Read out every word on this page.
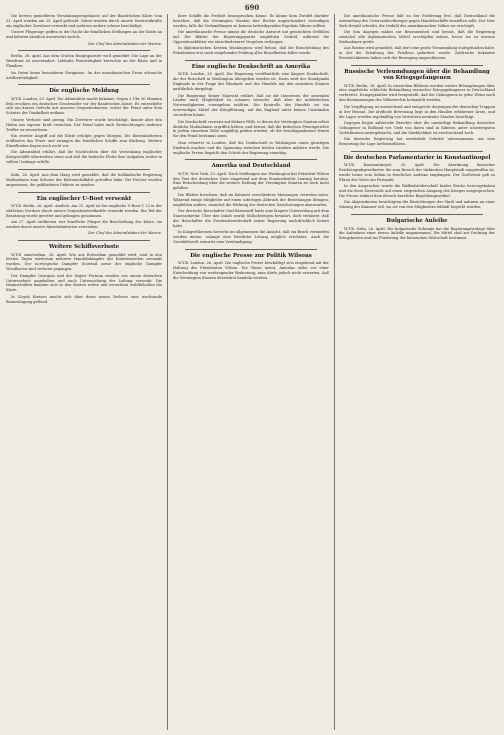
690

Die bereits gemeldeten Versenkungsergebnisse auf der flandrischen Küste vom 21. April wurden am 25. April gelöscht. Dabei wurden durch unsere Seestreitkräfte ein englischer Zerstörer versenkt und mehrere andere schwer beschädigt.

Unsere Flugzeuge griffen in der Nacht die feindlichen Stellungen an der Küste an und kehrten sämtlich unversehrt zurück.

Der Chef des Admiralstabes der Marine.

Berlin, 26. April. Aus dem Großen Hauptquartier wird gemeldet: Die Lage an der Westfront ist unverändert. Lebhafte Feuertätigkeit herrschte an der Küste und in Flandern.

Im Osten keine besonderen Ereignisse. An der mazedonischen Front schwache Artillerietätigkeit.

Die englische Meldung

W.T.B. London, 25. April. Die Admiralität macht bekannt: Gegen 3 Uhr 30 Minuten früh erschien ein deutsches Geschwader vor der flandrischen Küste. Es entwickelte sich ein kurzes Gefecht mit unseren Vorpostenbooten, wobei der Feind unter dem Schutze der Dunkelheit entkam.

Unsere Verluste sind gering. Ein Zerstörer wurde beschädigt, konnte aber den Hafen aus eigener Kraft erreichen. Der Feind hatte nach Beobachtungen mehrere Treffer zu verzeichnen.

Ein zweiter Angriff auf die Küste erfolgte gegen Morgen. Die Küstenbatterien eröffneten das Feuer und zwangen die feindlichen Schiffe zum Rückzug. Weitere Einzelheiten liegen noch nicht vor.

Die Admiralität erklärt, daß die Nachrichten über die Versenkung englischer Kriegsschiffe übertrieben seien und daß die britische Flotte ihre Aufgaben weiter in vollem Umfange erfülle.

Köln, 26. April. Aus dem Haag wird gemeldet, daß die holländische Regierung Maßnahmen zum Schutze der Küstenschiffahrt getroffen habe. Die Fischer wurden angewiesen, die gefährdeten Gebiete zu meiden.

Ein englischer U-Boot versenkt

W.T.B. Berlin, 26. April. Amtlich. Am 25. April ist das englische U-Boot C 22 in der südlichen Nordsee durch unsere Vorpostenstreitkräfte versenkt worden. Ein Teil der Besatzung wurde gerettet und gefangen genommen.

Am 27. April eröffneten vier feindliche Flieger die Beschießung der Küste; sie wurden durch unsere Abwehrbatterien vertrieben.

Der Chef des Admiralstabes der Marine.
Weitere Schiffsverluste

W.T.B. Amsterdam, 26. April. Wie aus Rotterdam gemeldet wird, sind in den letzten Tagen wiederum mehrere Handelsdampfer der Ententemächte versenkt worden. Der norwegische Dampfer Storstad sowie der englische Dampfer Woodhaven sind verloren gegangen.

Der Dampfer Georgian und der Segler Fortuna wurden von einem deutschen Unterseeboot angehalten und nach Untersuchung der Ladung versenkt. Die Mannschaften konnten sich in den Booten retten und erreichten wohlbehalten die Küste.

In Lloyds Kreisen macht sich über diese neuen Verluste eine wachsende Beunruhigung geltend.

ihrer Schiffe die Freiheit beanspruchen könne. Es könne kein Zweifel darüber bestehen, daß die Vereinigten Staaten ihre Rechte ungeschmälert verteidigen werden, falls die Verhandlungen zu keinem befriedigenden Ergebnis führen sollten.

Die amerikanische Presse nimmt die deutsche Antwort mit gemischten Gefühlen auf. Die Blätter der Regierungspartei empfehlen Geduld, während die Oppositionsblätter ein entschiedeneres Vorgehen verlangen.

In diplomatischen Kreisen Washingtons wird betont, daß die Entscheidung des Präsidenten erst nach eingehender Prüfung aller Einzelheiten fallen werde.

Eine englische Denkschrift an Amerika

W.T.B. London, 25. April. Die Regierung veröffentlicht eine längere Denkschrift, die der Botschaft in Washington übergeben worden ist. Darin wird der Standpunkt Englands in der Frage der Blockade und des Handels mit den neutralen Staaten ausführlich dargelegt.

Die Regierung Seiner Majestät erklärt, daß sie die Interessen der neutralen Länder nach Möglichkeit zu schonen wünsche, daß aber die militärischen Notwendigkeiten vorangehen müßten. Die Kontrolle des Handels sei ein notwendiges Mittel der Kriegführung, auf das England unter keinen Umständen verzichten könne.

Die Denkschrift verweist auf frühere Fälle, in denen die Vereinigten Staaten selbst ähnliche Maßnahmen ergriffen hätten, und betont, daß die britischen Prisengerichte in jedem einzelnen Falle sorgfältig prüfen würden, ob die beschlagnahmten Waren für den Feind bestimmt seien.

Man erwartet in London, daß die Denkschrift in Washington einen günstigen Eindruck machen und die Spannung zwischen beiden Ländern mildern werde. Die englische Presse begrüßt den Schritt der Regierung einmütig.

Amerika und Deutschland

W.T.B. New York, 25. April. Nach Meldungen aus Washington hat Präsident Wilson den Text der deutschen Note eingehend mit dem Staatssekretär Lansing beraten. Eine Entscheidung über die weitere Haltung der Vereinigten Staaten ist noch nicht gefallen.

Die Blätter berichten, daß im Kabinett verschiedene Meinungen vertreten seien. Während einige Mitglieder auf einen sofortigen Abbruch der Beziehungen drängen, empfehlen andere, zunächst die Wirkung der deutschen Zusicherungen abzuwarten.

Der deutsche Botschafter Graf Bernstorff hatte eine längere Unterredung mit dem Staatssekretär. Über den Inhalt wurde Stillschweigen bewahrt, doch verlautet, daß der Botschafter die Friedensbereitschaft seiner Regierung nachdrücklich betont habe.

In Kongreßkreisen herrscht im allgemeinen die Ansicht, daß ein Bruch vermieden werden müsse, solange eine friedliche Lösung möglich erscheine. Auch die Geschäftswelt wünscht eine Verständigung.

Die englische Presse zur Politik Wilsons

W.T.B. London, 26. April. Die englische Presse beschäftigt sich eingehend mit der Haltung des Präsidenten Wilson. Die Times meint, Amerika stehe vor einer Entscheidung von weittragender Bedeutung; man dürfe jedoch nicht erwarten, daß die Vereinigten Staaten überstürzt handeln würden.

Die amerikanische Presse hält an der Forderung fest, daß Deutschland die Anwendung des Unterseebootkrieges gegen Handelsschiffe einstellen solle. Der New York Herald schreibt, die Geduld des amerikanischen Volkes sei erschöpft.

Die Sun dagegen mahnt zur Besonnenheit und betont, daß die Regierung zunächst alle diplomatischen Mittel erschöpfen müsse, bevor sie zu ernsten Maßnahmen greife.

Aus Boston wird gemeldet, daß dort eine große Versammlung stattgefunden habe, in der die Erhaltung des Friedens gefordert wurde. Zahlreiche bekannte Persönlichkeiten haben sich der Bewegung angeschlossen.

Russische Verleumdungen über die Behandlung von Kriegsgefangenen

W.T.B. Berlin, 26. April. In russischen Blättern werden wieder Behauptungen über eine angebliche schlechte Behandlung russischer Kriegsgefangener in Deutschland verbreitet. Demgegenüber wird festgestellt, daß die Gefangenen in jeder Weise nach den Bestimmungen des Völkerrechts behandelt werden.

Die Verpflegung ist ausreichend und entspricht derjenigen der deutschen Truppen in der Heimat. Die ärztliche Betreuung liegt in den Händen erfahrener Ärzte, und die Lager werden regelmäßig von Vertretern neutraler Staaten besichtigt.

Dagegen liegen zahlreiche Berichte über die unwürdige Behandlung deutscher Gefangener in Rußland vor. Viele von ihnen sind in Sibirien unter schwierigsten Verhältnissen untergebracht, und die Sterblichkeit ist erschreckend hoch.

Die deutsche Regierung hat wiederholt Schritte unternommen, um eine Besserung der Lage herbeizuführen.

Die deutschen Parlamentarier in Konstantinopel

W.T.B. Konstantinopel, 25. April. Die Abordnung deutscher Reichstagsabgeordneter, die zum Besuch der türkischen Hauptstadt eingetroffen ist, wurde heute vom Sultan in feierlicher Audienz empfangen. Der Großwesir gab zu Ehren der Gäste ein Festmahl.

In den Ansprachen wurde die Waffenbrüderschaft beider Reiche hervorgehoben und die feste Zuversicht auf einen siegreichen Ausgang des Krieges ausgesprochen. Die Presse widmet dem Besuch herzliche Begrüßungsartikel.

Die Abgeordneten besichtigten die Einrichtungen der Stadt und nahmen an einer Sitzung der Kammer teil, wo sie von den Mitgliedern lebhaft begrüßt wurden.

Bulgarische Anleihe

W.T.B. Sofia, 26. April. Die bulgarische Sobranje hat die Regierungsvorlage über die Aufnahme einer neuen Anleihe angenommen. Die Mittel sind zur Deckung der Kriegskosten und zur Förderung der heimischen Wirtschaft bestimmt.
